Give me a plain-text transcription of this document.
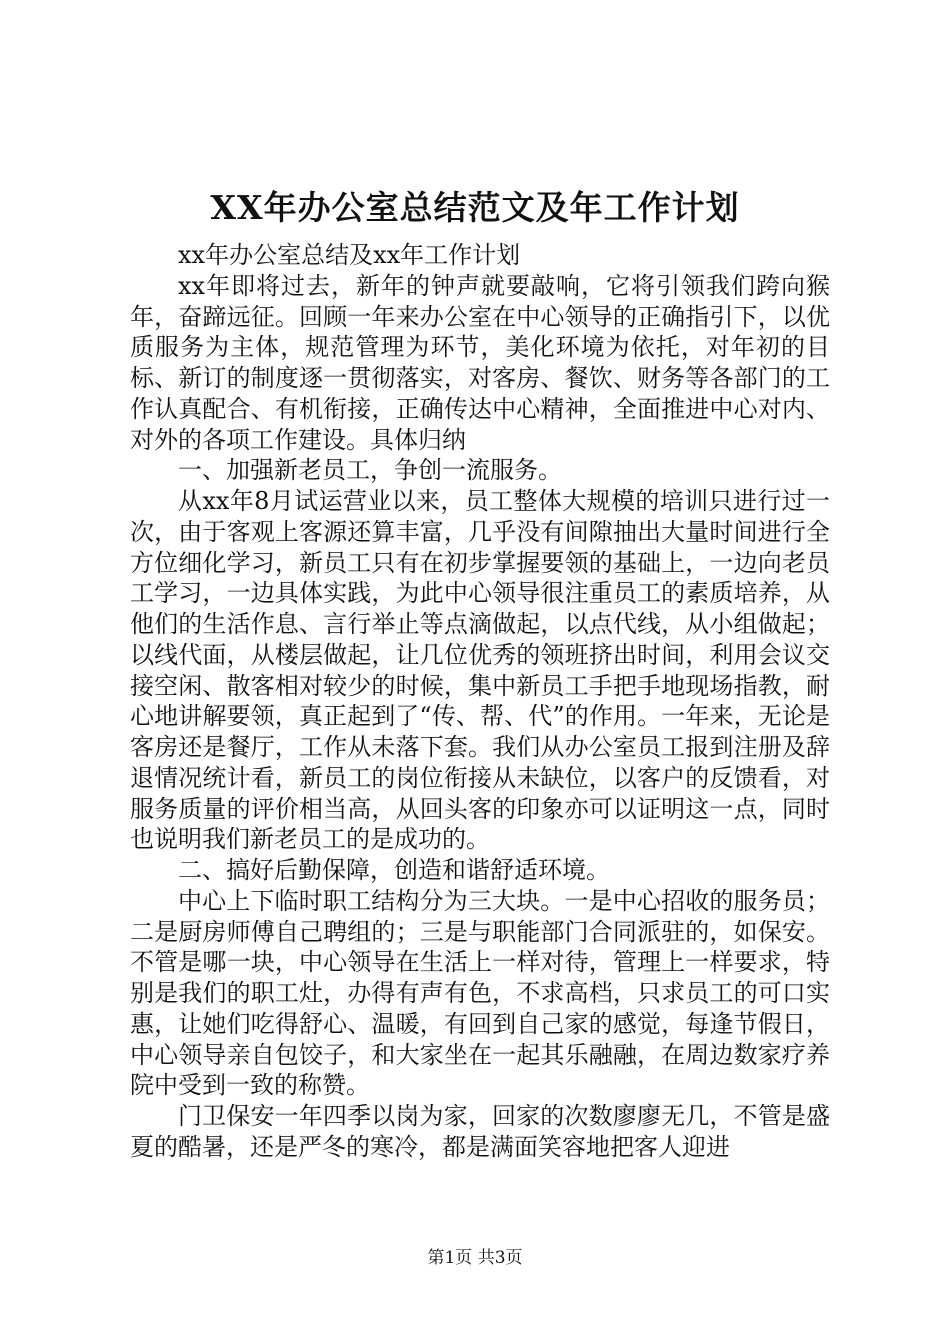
XX年办公室总结范文及年工作计划

xx年办公室总结及xx年工作计划

xx年即将过去，新年的钟声就要敲响，它将引领我们跨向猴年，奋蹄远征。回顾一年来办公室在中心领导的正确指引下，以优质服务为主体，规范管理为环节，美化环境为依托，对年初的目标、新订的制度逐一贯彻落实，对客房、餐饮、财务等各部门的工作认真配合、有机衔接，正确传达中心精神，全面推进中心对内、对外的各项工作建设。具体归纳

一、加强新老员工，争创一流服务。

从xx年8月试运营业以来，员工整体大规模的培训只进行过一次，由于客观上客源还算丰富，几乎没有间隙抽出大量时间进行全方位细化学习，新员工只有在初步掌握要领的基础上，一边向老员工学习，一边具体实践，为此中心领导很注重员工的素质培养，从他们的生活作息、言行举止等点滴做起，以点代线，从小组做起；以线代面，从楼层做起，让几位优秀的领班挤出时间，利用会议交接空闲、散客相对较少的时候，集中新员工手把手地现场指教，耐心地讲解要领，真正起到了“传、帮、代”的作用。一年来，无论是客房还是餐厅，工作从未落下套。我们从办公室员工报到注册及辞退情况统计看，新员工的岗位衔接从未缺位，以客户的反馈看，对服务质量的评价相当高，从回头客的印象亦可以证明这一点，同时也说明我们新老员工的是成功的。

二、搞好后勤保障，创造和谐舒适环境。

中心上下临时职工结构分为三大块。一是中心招收的服务员；二是厨房师傅自己聘组的；三是与职能部门合同派驻的，如保安。不管是哪一块，中心领导在生活上一样对待，管理上一样要求，特别是我们的职工灶，办得有声有色，不求高档，只求员工的可口实惠，让她们吃得舒心、温暖，有回到自己家的感觉，每逢节假日，中心领导亲自包饺子，和大家坐在一起其乐融融，在周边数家疗养院中受到一致的称赞。

门卫保安一年四季以岗为家，回家的次数廖廖无几，不管是盛夏的酷暑，还是严冬的寒冷，都是满面笑容地把客人迎进

第1页 共3页
